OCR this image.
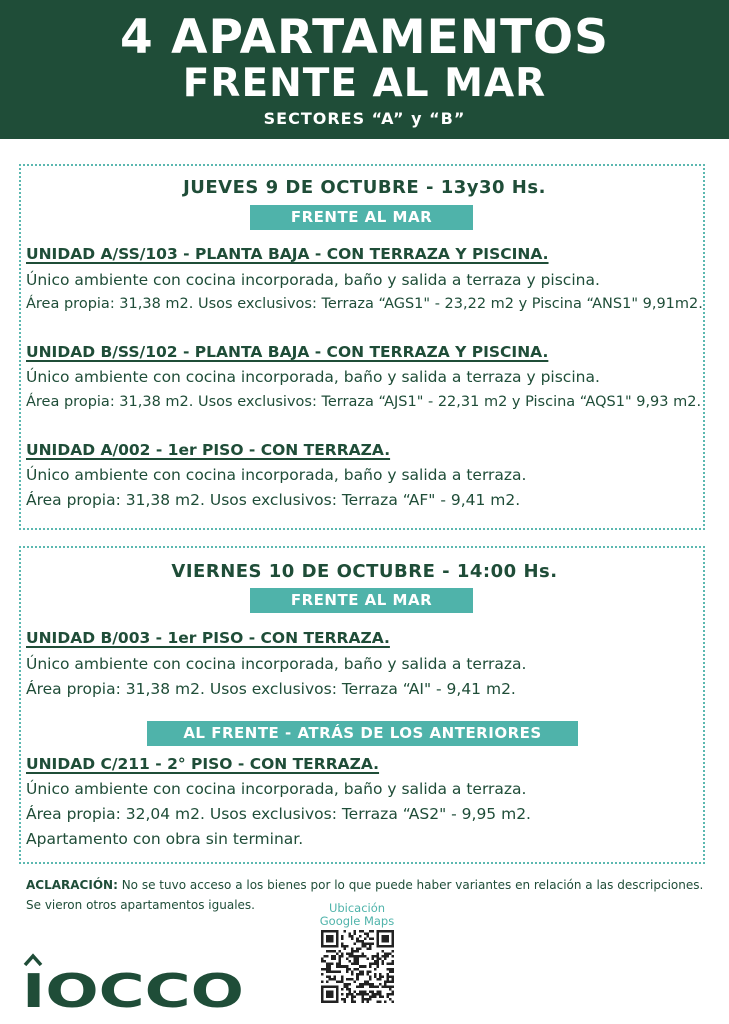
4 APARTAMENTOS
FRENTE AL MAR
SECTORES “A” y “B”
JUEVES 9 DE OCTUBRE - 13y30 Hs.
FRENTE AL MAR
UNIDAD A/SS/103 - PLANTA BAJA - CON TERRAZA Y PISCINA.
Único ambiente con cocina incorporada, baño y salida a terraza y piscina.
Área propia: 31,38 m2. Usos exclusivos: Terraza “AGS1" - 23,22 m2 y Piscina “ANS1" 9,91m2.
UNIDAD B/SS/102 - PLANTA BAJA - CON TERRAZA Y PISCINA.
Único ambiente con cocina incorporada, baño y salida a terraza y piscina.
Área propia: 31,38 m2. Usos exclusivos: Terraza “AJS1" - 22,31 m2 y Piscina “AQS1" 9,93 m2.
UNIDAD A/002 - 1er PISO - CON TERRAZA.
Único ambiente con cocina incorporada, baño y salida a terraza.
Área propia: 31,38 m2. Usos exclusivos: Terraza “AF" - 9,41 m2.
VIERNES 10 DE OCTUBRE - 14:00 Hs.
FRENTE AL MAR
UNIDAD B/003 - 1er PISO - CON TERRAZA.
Único ambiente con cocina incorporada, baño y salida a terraza.
Área propia: 31,38 m2. Usos exclusivos: Terraza “AI" - 9,41 m2.
AL FRENTE - ATRÁS DE LOS ANTERIORES
UNIDAD C/211 - 2° PISO - CON TERRAZA.
Único ambiente con cocina incorporada, baño y salida a terraza.
Área propia: 32,04 m2. Usos exclusivos: Terraza “AS2" - 9,95 m2.
Apartamento con obra sin terminar.
ACLARACIÓN: No se tuvo acceso a los bienes por lo que puede haber variantes en relación a las descripciones.
Se vieron otros apartamentos iguales.	Ubicación
Google Maps
IOCCO
